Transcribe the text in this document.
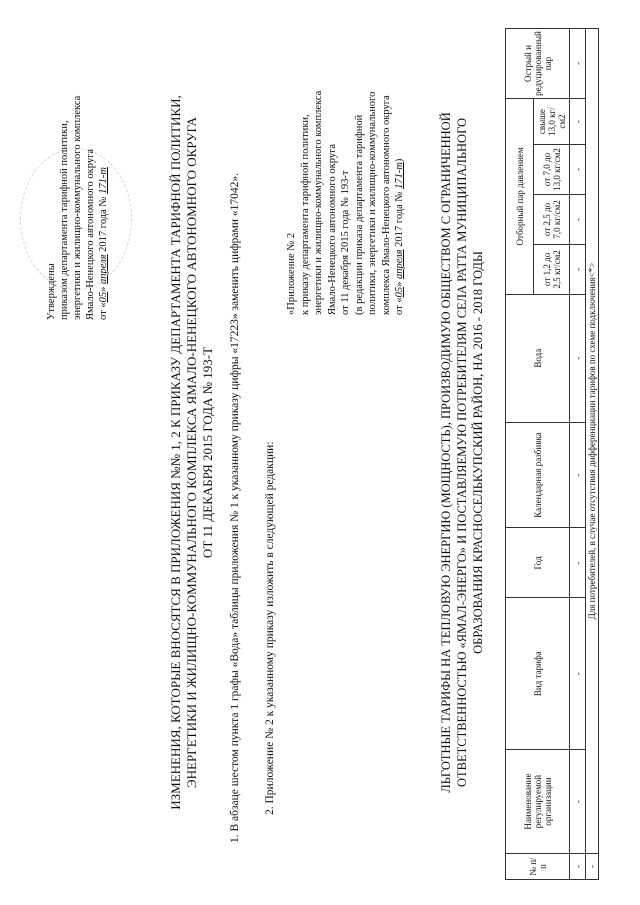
Утверждены приказом департамента тарифной политики, энергетики и жилищно-коммунального комплекса Ямало-Ненецкого автономного округа от «05» апреля 2017 года № 171-т	ИЗМЕНЕНИЯ, КОТОРЫЕ ВНОСЯТСЯ В ПРИЛОЖЕНИЯ №№ 1, 2 К ПРИКАЗУ ДЕПАРТАМЕНТА ТАРИФНОЙ ПОЛИТИКИ, ЭНЕРГЕТИКИ И ЖИЛИЩНО-КОММУНАЛЬНОГО КОМПЛЕКСА ЯМАЛО-НЕНЕЦКОГО АВТОНОМНОГО ОКРУГА ОТ 11 ДЕКАБРЯ 2015 ГОДА № 193-Т 1. В абзаце шестом пункта 1 графы «Вода» таблицы приложения № 1 к указанному приказу цифры «17223» заменить цифрами «17042». 2. Приложение № 2 к указанному приказу изложить в следующей редакции:
«Приложение № 2 к приказу департамента тарифной политики, энергетики и жилищно-коммунального комплекса Ямало-Ненецкого автономного округа от 11 декабря 2015 года № 193-т (в редакции приказа департамента тарифной политики, энергетики и жилищно-коммунального комплекса Ямало-Ненецкого автономного округа от «05» апреля 2017 года № 171-т)	ЛЬГОТНЫЕ ТАРИФЫ НА ТЕПЛОВУЮ ЭНЕРГИЮ (МОЩНОСТЬ), ПРОИЗВОДИМУЮ ОБЩЕСТВОМ С ОГРАНИЧЕННОЙ ОТВЕТСТВЕННОСТЬЮ «ЯМАЛ-ЭНЕРГО» И ПОСТАВЛЯЕМУЮ ПОТРЕБИТЕЛЯМ СЕЛА РАТТА МУНИЦИПАЛЬНОГО ОБРАЗОВАНИЯ КРАСНОСЕЛЬКУПСКИЙ РАЙОН, НА 2016 - 2018 ГОДЫ
№ п/п	Наименование регулируемой организации	Вид тарифа	Год	Календарная разбивка	Вода	Отборный пар давлением				Острый и редуцированный пар
						от 1,2 до 2,5 кг/см2	от 2,5 до 7,0 кг/см2	от 7,0 до 13,0 кг/см2	свыше 13,0 кг/см2	
-	-	-	-	-	-	-	-	-	-	-
-	Для потребителей, в случае отсутствия дифференциации тарифов по схеме подключения<*>									
